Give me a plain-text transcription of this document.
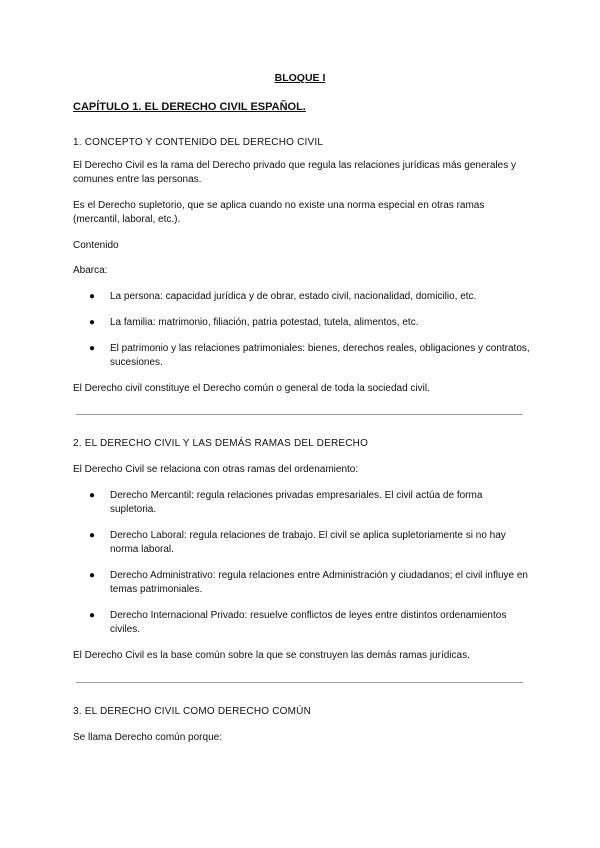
BLOQUE I
CAPÍTULO 1. EL DERECHO CIVIL ESPAÑOL.
1. CONCEPTO Y CONTENIDO DEL DERECHO CIVIL
El Derecho Civil es la rama del Derecho privado que regula las relaciones jurídicas más generales y comunes entre las personas.
Es el Derecho supletorio, que se aplica cuando no existe una norma especial en otras ramas (mercantil, laboral, etc.).
Contenido
Abarca:
● La persona: capacidad jurídica y de obrar, estado civil, nacionalidad, domicilio, etc.
● La familia: matrimonio, filiación, patria potestad, tutela, alimentos, etc.
● El patrimonio y las relaciones patrimoniales: bienes, derechos reales, obligaciones y contratos, sucesiones.
El Derecho civil constituye el Derecho común o general de toda la sociedad civil.
2. EL DERECHO CIVIL Y LAS DEMÁS RAMAS DEL DERECHO
El Derecho Civil se relaciona con otras ramas del ordenamiento:
● Derecho Mercantil: regula relaciones privadas empresariales. El civil actúa de forma supletoria.
● Derecho Laboral: regula relaciones de trabajo. El civil se aplica supletoriamente si no hay norma laboral.
● Derecho Administrativo: regula relaciones entre Administración y ciudadanos; el civil influye en temas patrimoniales.
● Derecho Internacional Privado: resuelve conflictos de leyes entre distintos ordenamientos civiles.
El Derecho Civil es la base común sobre la que se construyen las demás ramas jurídicas.
3. EL DERECHO CIVIL COMO DERECHO COMÚN
Se llama Derecho común porque:
